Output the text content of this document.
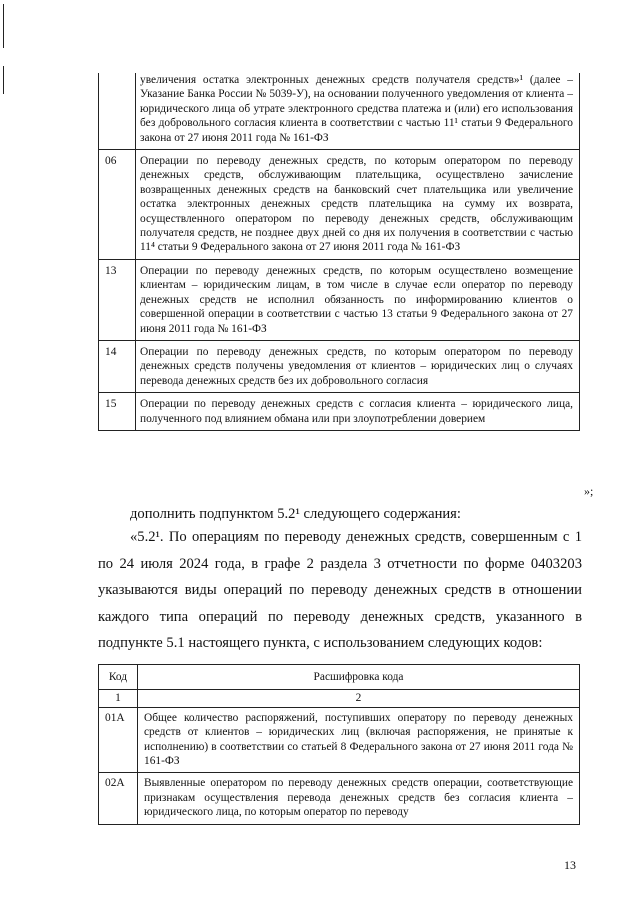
	увеличения остатка электронных денежных средств получателя средств»¹ (далее – Указание Банка России № 5039-У), на основании полученного уведомления от клиента – юридического лица об утрате электронного средства платежа и (или) его использования без добровольного согласия клиента в соответствии с частью 11¹ статьи 9 Федерального закона от 27 июня 2011 года № 161-ФЗ
06	Операции по переводу денежных средств, по которым оператором по переводу денежных средств, обслуживающим плательщика, осуществлено зачисление возвращенных денежных средств на банковский счет плательщика или увеличение остатка электронных денежных средств плательщика на сумму их возврата, осуществленного оператором по переводу денежных средств, обслуживающим получателя средств, не позднее двух дней со дня их получения в соответствии с частью 11⁴ статьи 9 Федерального закона от 27 июня 2011 года № 161-ФЗ
13	Операции по переводу денежных средств, по которым осуществлено возмещение клиентам – юридическим лицам, в том числе в случае если оператор по переводу денежных средств не исполнил обязанность по информированию клиентов о совершенной операции в соответствии с частью 13 статьи 9 Федерального закона от 27 июня 2011 года № 161-ФЗ
14	Операции по переводу денежных средств, по которым оператором по переводу денежных средств получены уведомления от клиентов – юридических лиц о случаях перевода денежных средств без их добровольного согласия
15	Операции по переводу денежных средств с согласия клиента – юридического лица, полученного под влиянием обмана или при злоупотреблении доверием
»;
дополнить подпунктом 5.2¹ следующего содержания:
«5.2¹. По операциям по переводу денежных средств, совершенным с 1 по 24 июля 2024 года, в графе 2 раздела 3 отчетности по форме 0403203 указываются виды операций по переводу денежных средств в отношении каждого типа операций по переводу денежных средств, указанного в подпункте 5.1 настоящего пункта, с использованием следующих кодов:
Код	Расшифровка кода
1	2
01А	Общее количество распоряжений, поступивших оператору по переводу денежных средств от клиентов – юридических лиц (включая распоряжения, не принятые к исполнению) в соответствии со статьей 8 Федерального закона от 27 июня 2011 года № 161-ФЗ
02А	Выявленные оператором по переводу денежных средств операции, соответствующие признакам осуществления перевода денежных средств без согласия клиента – юридического лица, по которым оператор по переводу
13
